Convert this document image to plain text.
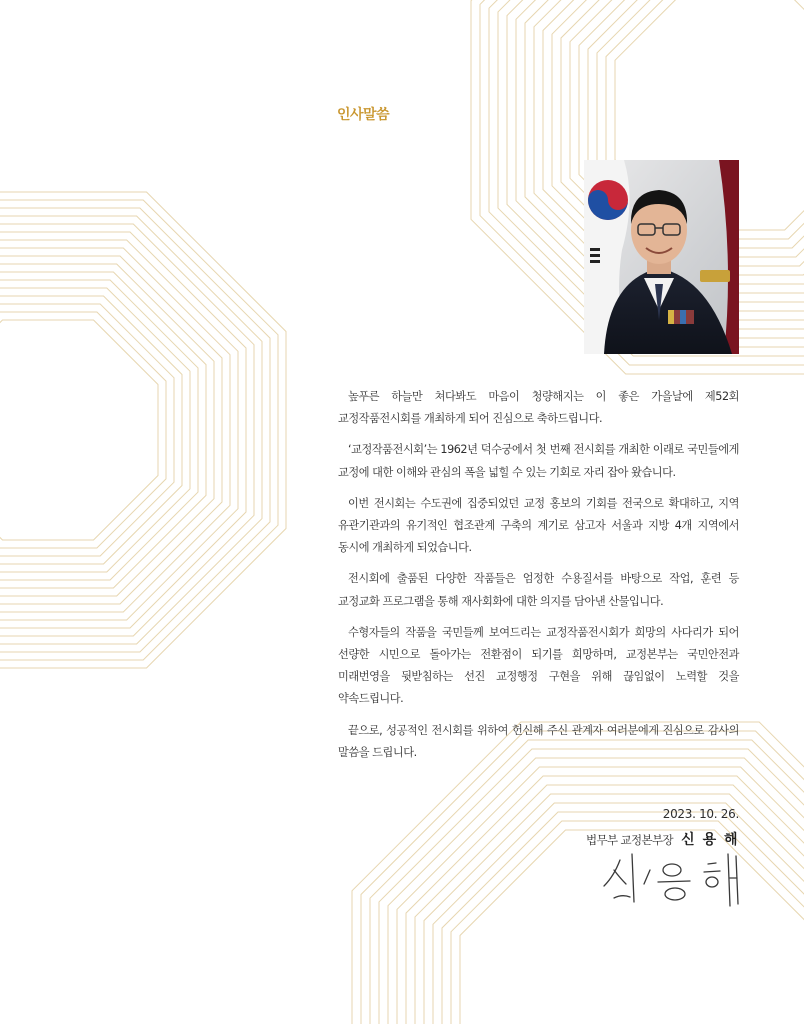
인사말씀

높푸른 하늘만 쳐다봐도 마음이 청량해지는 이 좋은 가을날에 제52회 교정작품전시회를 개최하게 되어 진심으로 축하드립니다.

‘교정작품전시회’는 1962년 덕수궁에서 첫 번째 전시회를 개최한 이래로 국민들에게 교정에 대한 이해와 관심의 폭을 넓힐 수 있는 기회로 자리 잡아 왔습니다.

이번 전시회는 수도권에 집중되었던 교정 홍보의 기회를 전국으로 확대하고, 지역 유관기관과의 유기적인 협조관계 구축의 계기로 삼고자 서울과 지방 4개 지역에서 동시에 개최하게 되었습니다.

전시회에 출품된 다양한 작품들은 엄정한 수용질서를 바탕으로 작업, 훈련 등 교정교화 프로그램을 통해 재사회화에 대한 의지를 담아낸 산물입니다.

수형자들의 작품을 국민들께 보여드리는 교정작품전시회가 희망의 사다리가 되어 선량한 시민으로 돌아가는 전환점이 되기를 희망하며, 교정본부는 국민안전과 미래번영을 뒷받침하는 선진 교정행정 구현을 위해 끊임없이 노력할 것을 약속드립니다.

끝으로, 성공적인 전시회를 위하여 헌신해 주신 관계자 여러분에게 진심으로 감사의 말씀을 드립니다.

2023. 10. 26.
법무부 교정본부장 신 용 해
